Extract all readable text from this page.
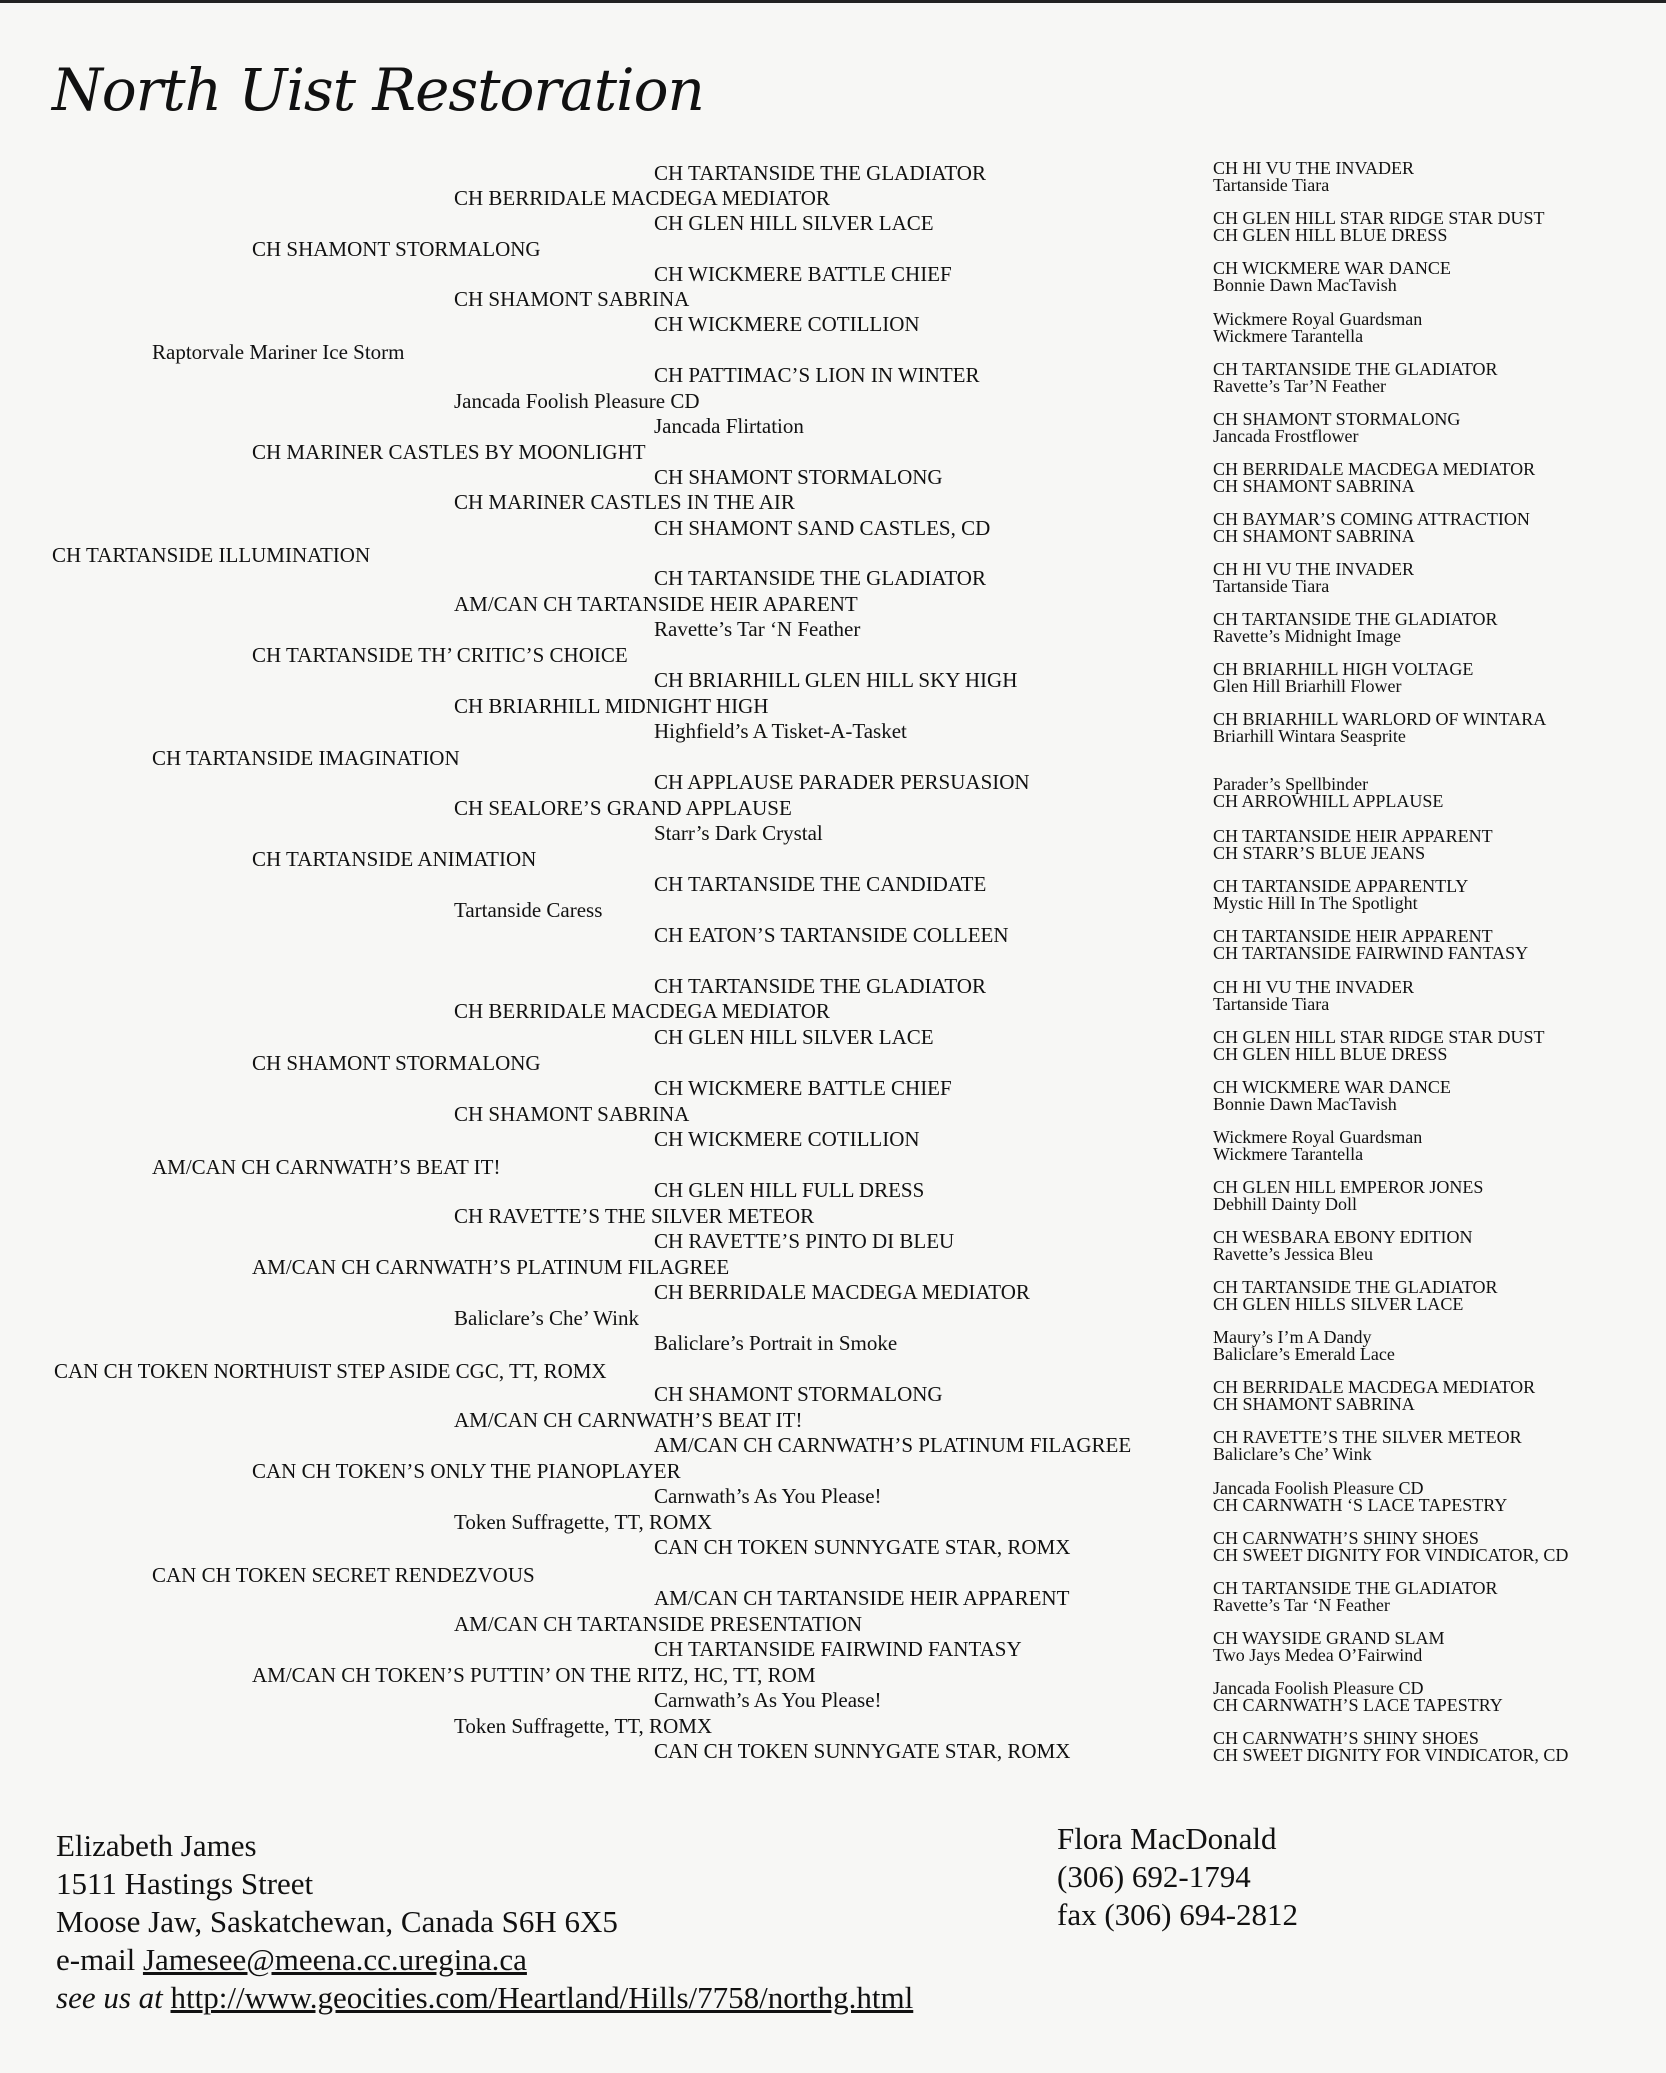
North Uist Restoration
CH TARTANSIDE THE GLADIATOR
CH BERRIDALE MACDEGA MEDIATOR
CH GLEN HILL SILVER LACE
CH SHAMONT STORMALONG
CH WICKMERE BATTLE CHIEF
CH SHAMONT SABRINA
CH WICKMERE COTILLION
Raptorvale Mariner Ice Storm
CH PATTIMAC’S LION IN WINTER
Jancada Foolish Pleasure CD
Jancada Flirtation
CH MARINER CASTLES BY MOONLIGHT
CH SHAMONT STORMALONG
CH MARINER CASTLES IN THE AIR
CH SHAMONT SAND CASTLES, CD
CH TARTANSIDE ILLUMINATION
CH TARTANSIDE THE GLADIATOR
AM/CAN CH TARTANSIDE HEIR APARENT
Ravette’s Tar ‘N Feather
CH TARTANSIDE TH’ CRITIC’S CHOICE
CH BRIARHILL GLEN HILL SKY HIGH
CH BRIARHILL MIDNIGHT HIGH
Highfield’s A Tisket-A-Tasket
CH TARTANSIDE IMAGINATION
CH APPLAUSE PARADER PERSUASION
CH SEALORE’S GRAND APPLAUSE
Starr’s Dark Crystal
CH TARTANSIDE ANIMATION
CH TARTANSIDE THE CANDIDATE
Tartanside Caress
CH EATON’S TARTANSIDE COLLEEN
CH TARTANSIDE THE GLADIATOR
CH BERRIDALE MACDEGA MEDIATOR
CH GLEN HILL SILVER LACE
CH SHAMONT STORMALONG
CH WICKMERE BATTLE CHIEF
CH SHAMONT SABRINA
CH WICKMERE COTILLION
AM/CAN CH CARNWATH’S BEAT IT!
CH GLEN HILL FULL DRESS
CH RAVETTE’S THE SILVER METEOR
CH RAVETTE’S PINTO DI BLEU
AM/CAN CH CARNWATH’S PLATINUM FILAGREE
CH BERRIDALE MACDEGA MEDIATOR
Baliclare’s Che’ Wink
Baliclare’s Portrait in Smoke
CAN CH TOKEN NORTHUIST STEP ASIDE CGC, TT, ROMX
CH SHAMONT STORMALONG
AM/CAN CH CARNWATH’S BEAT IT!
AM/CAN CH CARNWATH’S PLATINUM FILAGREE
CAN CH TOKEN’S ONLY THE PIANOPLAYER
Carnwath’s As You Please!
Token Suffragette, TT, ROMX
CAN CH TOKEN SUNNYGATE STAR, ROMX
CAN CH TOKEN SECRET RENDEZVOUS
AM/CAN CH TARTANSIDE HEIR APPARENT
AM/CAN CH TARTANSIDE PRESENTATION
CH TARTANSIDE FAIRWIND FANTASY
AM/CAN CH TOKEN’S PUTTIN’ ON THE RITZ, HC, TT, ROM
Carnwath’s As You Please!
Token Suffragette, TT, ROMX
CAN CH TOKEN SUNNYGATE STAR, ROMX
CH HI VU THE INVADER
Tartanside Tiara
CH GLEN HILL STAR RIDGE STAR DUST
CH GLEN HILL BLUE DRESS
CH WICKMERE WAR DANCE
Bonnie Dawn MacTavish
Wickmere Royal Guardsman
Wickmere Tarantella
CH TARTANSIDE THE GLADIATOR
Ravette’s Tar’N Feather
CH SHAMONT STORMALONG
Jancada Frostflower
CH BERRIDALE MACDEGA MEDIATOR
CH SHAMONT SABRINA
CH BAYMAR’S COMING ATTRACTION
CH SHAMONT SABRINA
CH HI VU THE INVADER
Tartanside Tiara
CH TARTANSIDE THE GLADIATOR
Ravette’s Midnight Image
CH BRIARHILL HIGH VOLTAGE
Glen Hill Briarhill Flower
CH BRIARHILL WARLORD OF WINTARA
Briarhill Wintara Seasprite
Parader’s Spellbinder
CH ARROWHILL APPLAUSE
CH TARTANSIDE HEIR APPARENT
CH STARR’S BLUE JEANS
CH TARTANSIDE APPARENTLY
Mystic Hill In The Spotlight
CH TARTANSIDE HEIR APPARENT
CH TARTANSIDE FAIRWIND FANTASY
CH HI VU THE INVADER
Tartanside Tiara
CH GLEN HILL STAR RIDGE STAR DUST
CH GLEN HILL BLUE DRESS
CH WICKMERE WAR DANCE
Bonnie Dawn MacTavish
Wickmere Royal Guardsman
Wickmere Tarantella
CH GLEN HILL EMPEROR JONES
Debhill Dainty Doll
CH WESBARA EBONY EDITION
Ravette’s Jessica Bleu
CH TARTANSIDE THE GLADIATOR
CH GLEN HILLS SILVER LACE
Maury’s I’m A Dandy
Baliclare’s Emerald Lace
CH BERRIDALE MACDEGA MEDIATOR
CH SHAMONT SABRINA
CH RAVETTE’S THE SILVER METEOR
Baliclare’s Che’ Wink
Jancada Foolish Pleasure CD
CH CARNWATH ‘S LACE TAPESTRY
CH CARNWATH’S SHINY SHOES
CH SWEET DIGNITY FOR VINDICATOR, CD
CH TARTANSIDE THE GLADIATOR
Ravette’s Tar ‘N Feather
CH WAYSIDE GRAND SLAM
Two Jays Medea O’Fairwind
Jancada Foolish Pleasure CD
CH CARNWATH’S LACE TAPESTRY
CH CARNWATH’S SHINY SHOES
CH SWEET DIGNITY FOR VINDICATOR, CD
Elizabeth James
1511 Hastings Street
Moose Jaw, Saskatchewan, Canada S6H 6X5
e-mail Jamesee@meena.cc.uregina.ca
see us at http://www.geocities.com/Heartland/Hills/7758/northg.html
Flora MacDonald
(306) 692-1794
fax (306) 694-2812
